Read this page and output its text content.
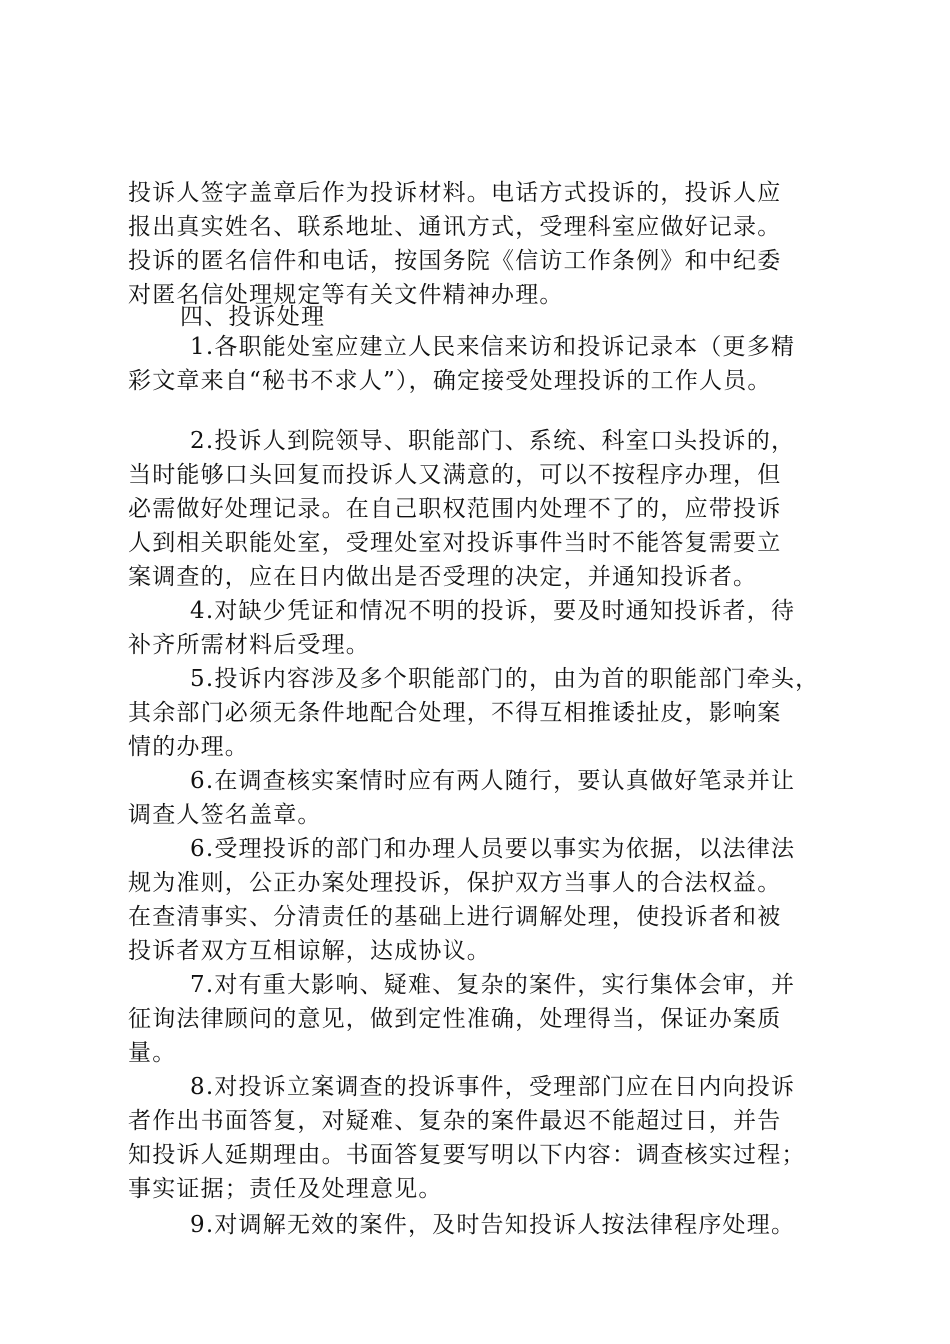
投诉人签字盖章后作为投诉材料。电话方式投诉的，投诉人应
报出真实姓名、联系地址、通讯方式，受理科室应做好记录。
投诉的匿名信件和电话，按国务院《信访工作条例》和中纪委
对匿名信处理规定等有关文件精神办理。
四、投诉处理
1.各职能处室应建立人民来信来访和投诉记录本（更多精
彩文章来自“秘书不求人”），确定接受处理投诉的工作人员。
2.投诉人到院领导、职能部门、系统、科室口头投诉的，
当时能够口头回复而投诉人又满意的，可以不按程序办理，但
必需做好处理记录。在自己职权范围内处理不了的，应带投诉
人到相关职能处室，受理处室对投诉事件当时不能答复需要立
案调查的，应在日内做出是否受理的决定，并通知投诉者。
4.对缺少凭证和情况不明的投诉，要及时通知投诉者，待
补齐所需材料后受理。
5.投诉内容涉及多个职能部门的，由为首的职能部门牵头，
其余部门必须无条件地配合处理，不得互相推诿扯皮，影响案
情的办理。
6.在调查核实案情时应有两人随行，要认真做好笔录并让
调查人签名盖章。
6.受理投诉的部门和办理人员要以事实为依据，以法律法
规为准则，公正办案处理投诉，保护双方当事人的合法权益。
在查清事实、分清责任的基础上进行调解处理，使投诉者和被
投诉者双方互相谅解，达成协议。
7.对有重大影响、疑难、复杂的案件，实行集体会审，并
征询法律顾问的意见，做到定性准确，处理得当，保证办案质
量。
8.对投诉立案调查的投诉事件，受理部门应在日内向投诉
者作出书面答复，对疑难、复杂的案件最迟不能超过日，并告
知投诉人延期理由。书面答复要写明以下内容：调查核实过程；
事实证据；责任及处理意见。
9.对调解无效的案件，及时告知投诉人按法律程序处理。
